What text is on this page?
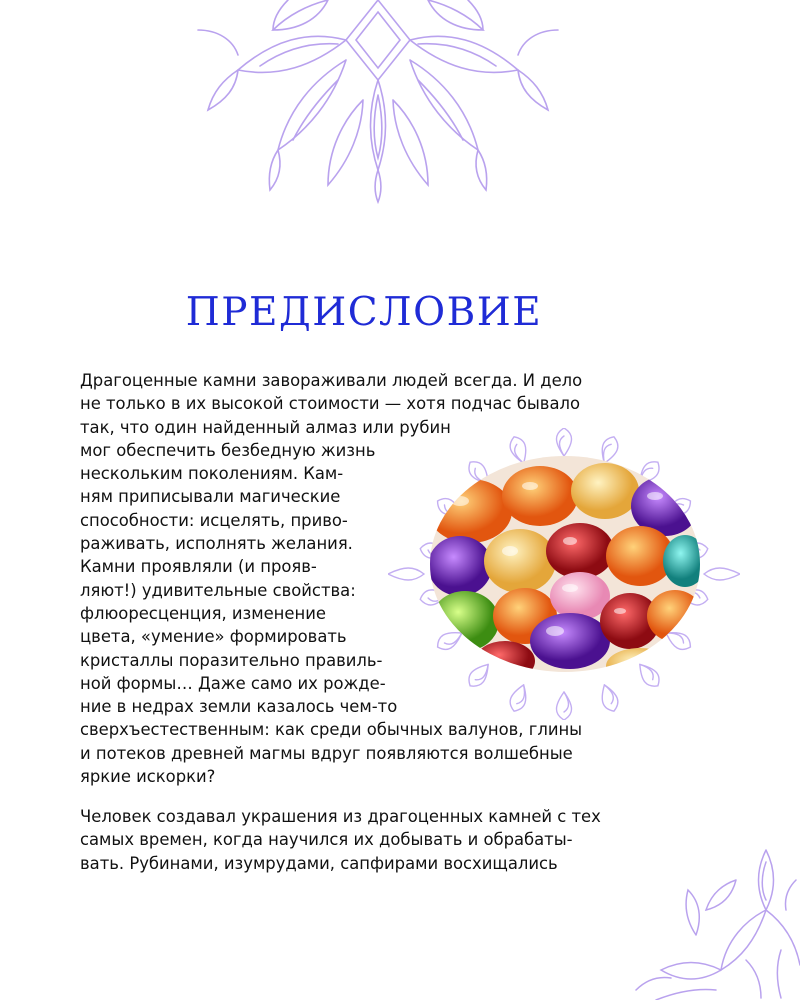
ПРЕДИСЛОВИЕ
Драгоценные камни завораживали людей всегда. И дело
не только в их высокой стоимости — хотя подчас бывало
так, что один найденный алмаз или рубин
мог обеспечить безбедную жизнь
нескольким поколениям. Кам-
ням приписывали магические
способности: исцелять, приво-
раживать, исполнять желания.
Камни проявляли (и прояв-
ляют!) удивительные свойства:
флюоресценция, изменение
цвета, «умение» формировать
кристаллы поразительно правиль-
ной формы… Даже само их рожде-
ние в недрах земли казалось чем-то
сверхъестественным: как среди обычных валунов, глины
и потеков древней магмы вдруг появляются волшебные
яркие искорки?
Человек создавал украшения из драгоценных камней с тех
самых времен, когда научился их добывать и обрабаты-
вать. Рубинами, изумрудами, сапфирами восхищались
